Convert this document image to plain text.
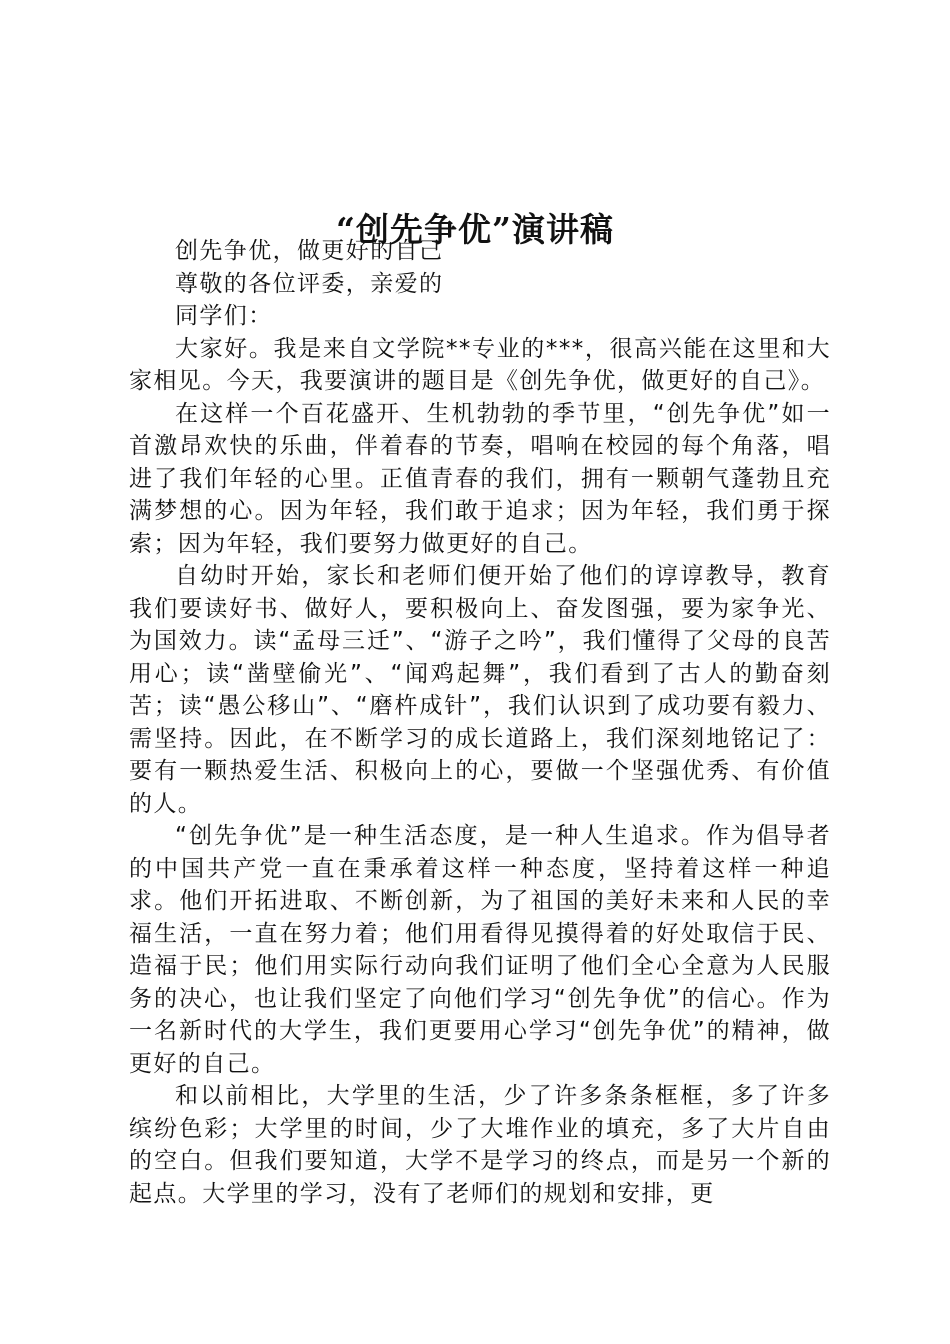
“创先争优”演讲稿

创先争优，做更好的自己

尊敬的各位评委，亲爱的

同学们：

大家好。我是来自文学院**专业的***，很高兴能在这里和大家相见。今天，我要演讲的题目是《创先争优，做更好的自己》。

在这样一个百花盛开、生机勃勃的季节里，“创先争优”如一首激昂欢快的乐曲，伴着春的节奏，唱响在校园的每个角落，唱进了我们年轻的心里。正值青春的我们，拥有一颗朝气蓬勃且充满梦想的心。因为年轻，我们敢于追求；因为年轻，我们勇于探索；因为年轻，我们要努力做更好的自己。

自幼时开始，家长和老师们便开始了他们的谆谆教导，教育我们要读好书、做好人，要积极向上、奋发图强，要为家争光、为国效力。读“孟母三迁”、“游子之吟”，我们懂得了父母的良苦用心；读“凿壁偷光”、“闻鸡起舞”，我们看到了古人的勤奋刻苦；读“愚公移山”、“磨杵成针”，我们认识到了成功要有毅力、需坚持。因此，在不断学习的成长道路上，我们深刻地铭记了：要有一颗热爱生活、积极向上的心，要做一个坚强优秀、有价值的人。

“创先争优”是一种生活态度，是一种人生追求。作为倡导者的中国共产党一直在秉承着这样一种态度，坚持着这样一种追求。他们开拓进取、不断创新，为了祖国的美好未来和人民的幸福生活，一直在努力着；他们用看得见摸得着的好处取信于民、造福于民；他们用实际行动向我们证明了他们全心全意为人民服务的决心，也让我们坚定了向他们学习“创先争优”的信心。作为一名新时代的大学生，我们更要用心学习“创先争优”的精神，做更好的自己。

和以前相比，大学里的生活，少了许多条条框框，多了许多缤纷色彩；大学里的时间，少了大堆作业的填充，多了大片自由的空白。但我们要知道，大学不是学习的终点，而是另一个新的起点。大学里的学习，没有了老师们的规划和安排，更
